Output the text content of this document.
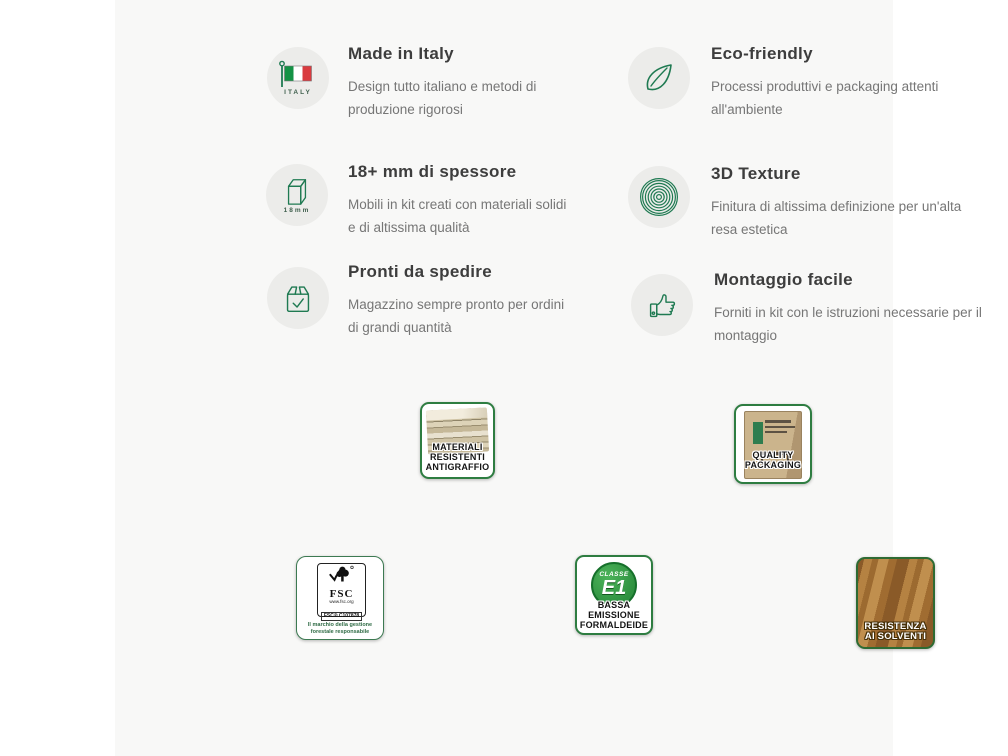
ITALY
Made in Italy

Design tutto italiano e metodi di produzione rigorosi

Eco-friendly

Processi produttivi e packaging attenti all'ambiente

18mm
18+ mm di spessore

Mobili in kit creati con materiali solidi e di altissima qualità

3D Texture

Finitura di altissima definizione per un'alta resa estetica

Pronti da spedire

Magazzino sempre pronto per ordini di grandi quantità

Montaggio facile

Forniti in kit con le istruzioni necessarie per il montaggio

MATERIALI
RESISTENTI
ANTIGRAFFIO
QUALITY
PACKAGING
FSC
www.fsc.org
FSC® C107878
Il marchio della gestione forestale responsabile
CLASSE
E1
BASSA
EMISSIONE
FORMALDEIDE	RESISTENZA
AI SOLVENTI
